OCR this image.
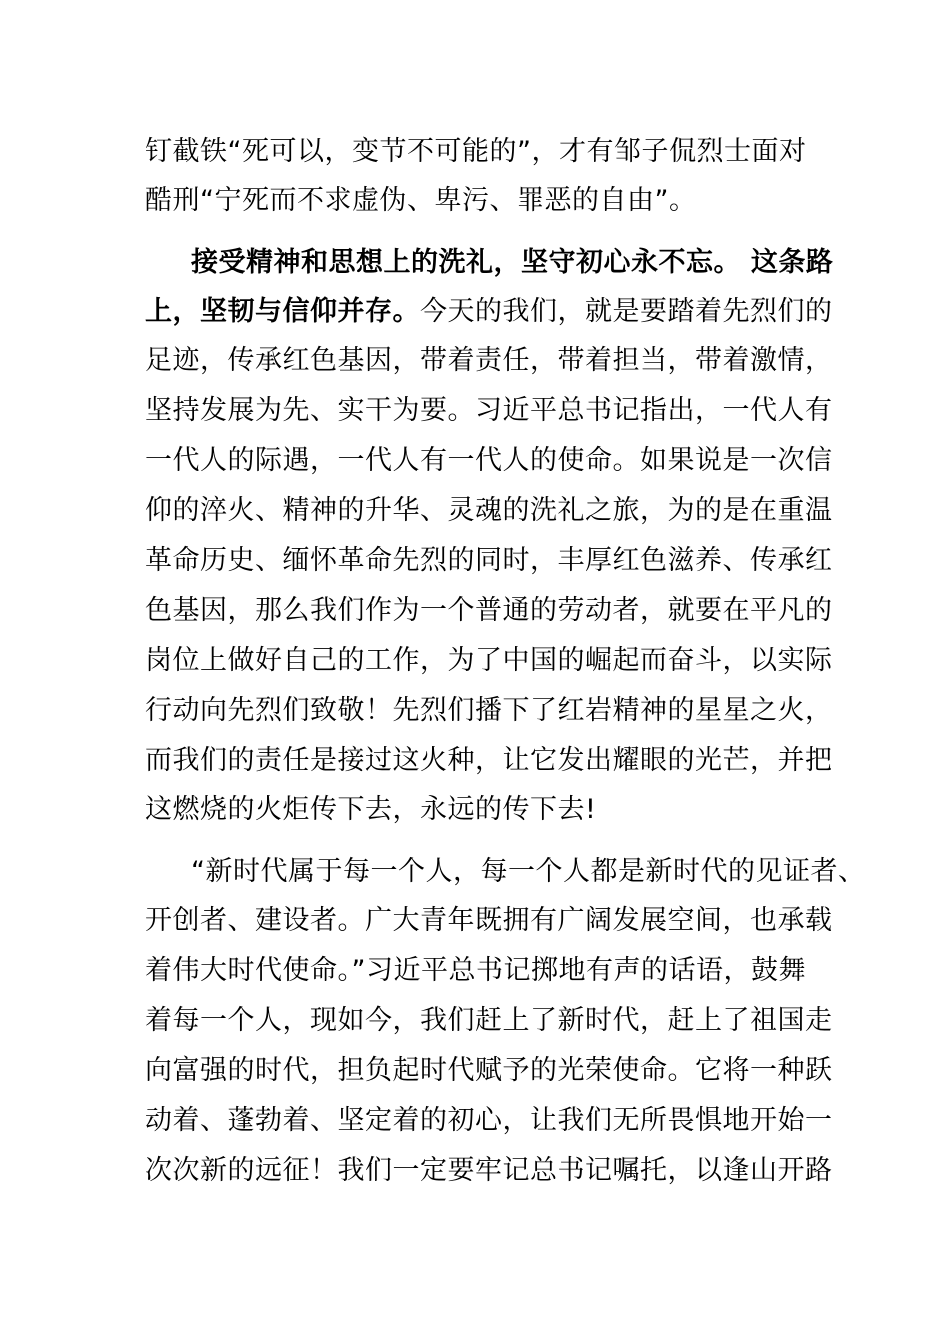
钉截铁“死可以，变节不可能的”，才有邹子侃烈士面对
酷刑“宁死而不求虚伪、卑污、罪恶的自由”。
接受精神和思想上的洗礼，坚守初心永不忘。 这条路
上，坚韧与信仰并存。今天的我们，就是要踏着先烈们的
足迹，传承红色基因，带着责任，带着担当，带着激情，
坚持发展为先、实干为要。习近平总书记指出，一代人有
一代人的际遇，一代人有一代人的使命。如果说是一次信
仰的淬火、精神的升华、灵魂的洗礼之旅，为的是在重温
革命历史、缅怀革命先烈的同时，丰厚红色滋养、传承红
色基因，那么我们作为一个普通的劳动者，就要在平凡的
岗位上做好自己的工作，为了中国的崛起而奋斗，以实际
行动向先烈们致敬！先烈们播下了红岩精神的星星之火，
而我们的责任是接过这火种，让它发出耀眼的光芒，并把
这燃烧的火炬传下去，永远的传下去!
“新时代属于每一个人，每一个人都是新时代的见证者、
开创者、建设者。广大青年既拥有广阔发展空间，也承载
着伟大时代使命。”习近平总书记掷地有声的话语，鼓舞
着每一个人，现如今，我们赶上了新时代，赶上了祖国走
向富强的时代，担负起时代赋予的光荣使命。它将一种跃
动着、蓬勃着、坚定着的初心，让我们无所畏惧地开始一
次次新的远征！我们一定要牢记总书记嘱托，以逢山开路
